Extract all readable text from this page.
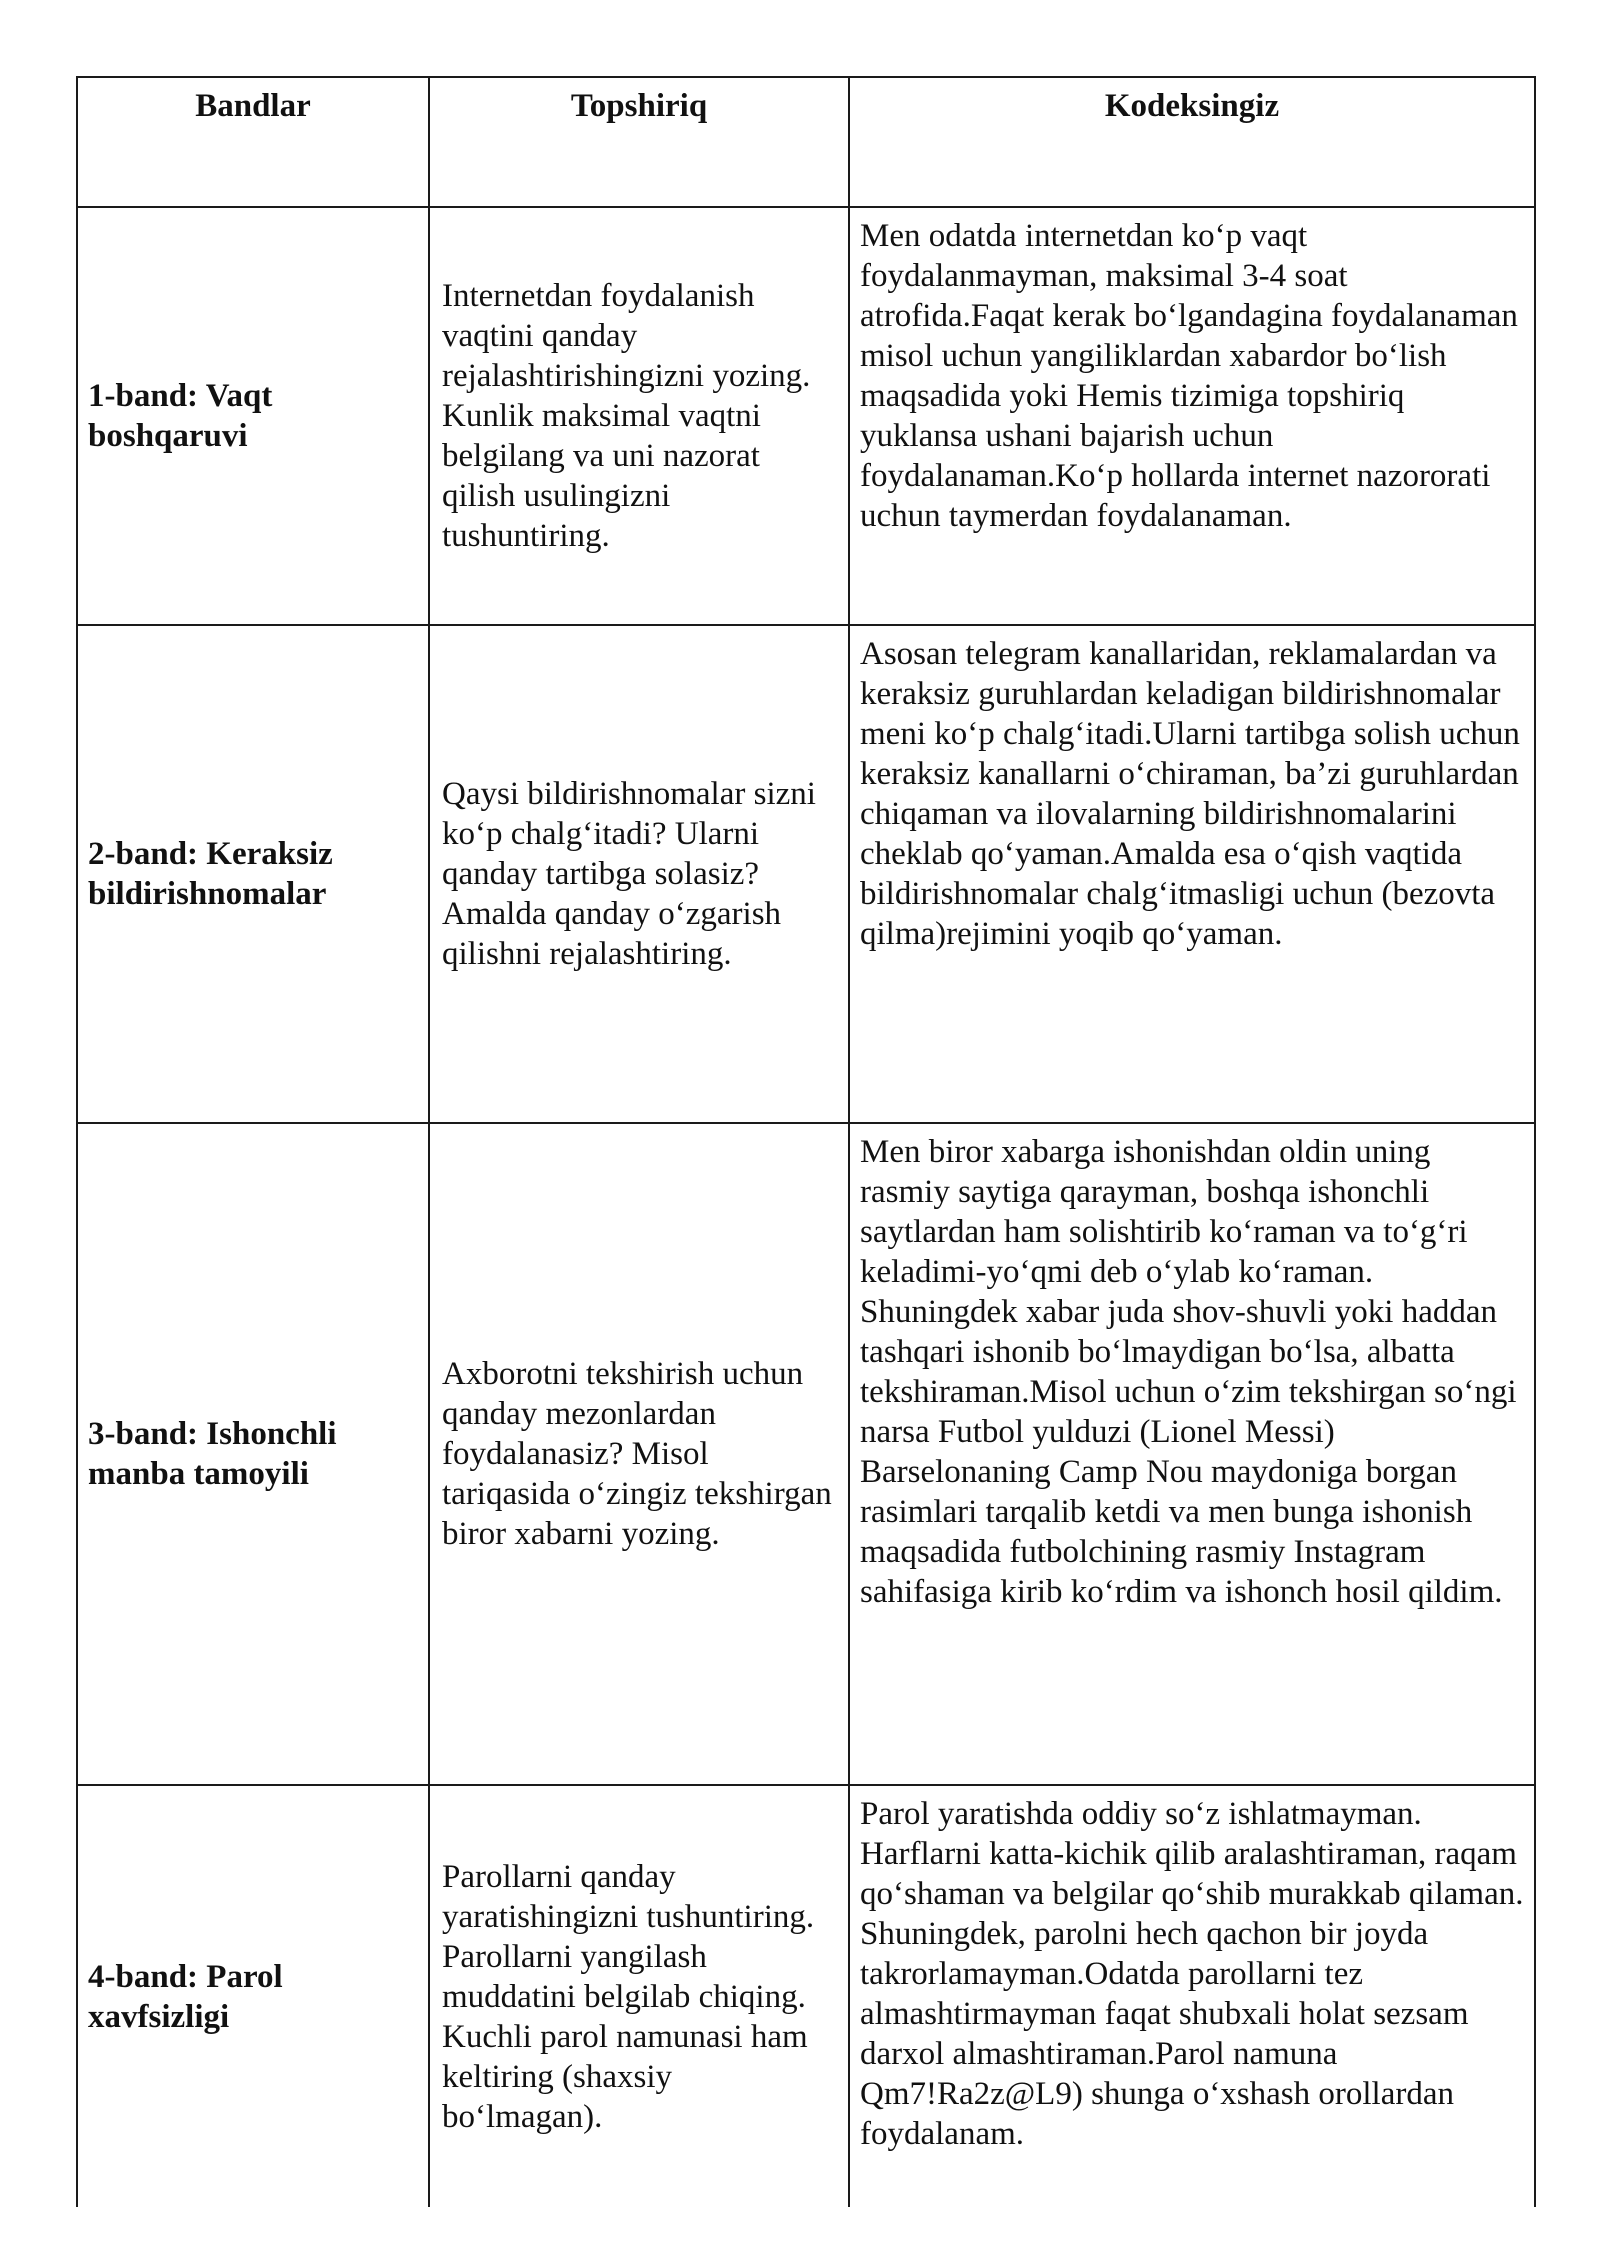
Bandlar	Topshiriq	Kodeksingiz
1-band: Vaqt boshqaruvi	Internetdan foydalanish vaqtini qanday rejalashtirishingizni yozing. Kunlik maksimal vaqtni belgilang va uni nazorat qilish usulingizni tushuntiring.	Men odatda internetdan ko‘p vaqt foydalanmayman, maksimal 3-4 soat atrofida.Faqat kerak bo‘lgandagina foydalanaman misol uchun yangiliklardan xabardor bo‘lish maqsadida yoki Hemis tizimiga topshiriq yuklansa ushani bajarish uchun foydalanaman.Ko‘p hollarda internet nazororati uchun taymerdan foydalanaman.
2-band: Keraksiz bildirishnomalar	Qaysi bildirishnomalar sizni ko‘p chalg‘itadi? Ularni qanday tartibga solasiz? Amalda qanday o‘zgarish qilishni rejalashtiring.	Asosan telegram kanallaridan, reklamalardan va keraksiz guruhlardan keladigan bildirishnomalar meni ko‘p chalg‘itadi.Ularni tartibga solish uchun keraksiz kanallarni o‘chiraman, ba’zi guruhlardan chiqaman va ilovalarning bildirishnomalarini cheklab qo‘yaman.Amalda esa o‘qish vaqtida bildirishnomalar chalg‘itmasligi uchun (bezovta qilma)rejimini yoqib qo‘yaman.
3-band: Ishonchli manba tamoyili	Axborotni tekshirish uchun qanday mezonlardan foydalanasiz? Misol tariqasida o‘zingiz tekshirgan biror xabarni yozing.	Men biror xabarga ishonishdan oldin uning rasmiy saytiga qarayman, boshqa ishonchli saytlardan ham solishtirib ko‘raman va to‘g‘ri keladimi-yo‘qmi deb o‘ylab ko‘raman. Shuningdek xabar juda shov-shuvli yoki haddan tashqari ishonib bo‘lmaydigan bo‘lsa, albatta tekshiraman.Misol uchun o‘zim tekshirgan so‘ngi narsa Futbol yulduzi (Lionel Messi) Barselonaning Camp Nou maydoniga borgan rasimlari tarqalib ketdi va men bunga ishonish maqsadida futbolchining rasmiy Instagram sahifasiga kirib ko‘rdim va ishonch hosil qildim.
4-band: Parol xavfsizligi	Parollarni qanday yaratishingizni tushuntiring. Parollarni yangilash muddatini belgilab chiqing. Kuchli parol namunasi ham keltiring (shaxsiy bo‘lmagan).	Parol yaratishda oddiy so‘z ishlatmayman. Harflarni katta-kichik qilib aralashtiraman, raqam qo‘shaman va belgilar qo‘shib murakkab qilaman. Shuningdek, parolni hech qachon bir joyda takrorlamayman.Odatda parollarni tez almashtirmayman faqat shubxali holat sezsam darxol almashtiraman.Parol namuna Qm7!Ra2z@L9) shunga o‘xshash orollardan foydalanam.
